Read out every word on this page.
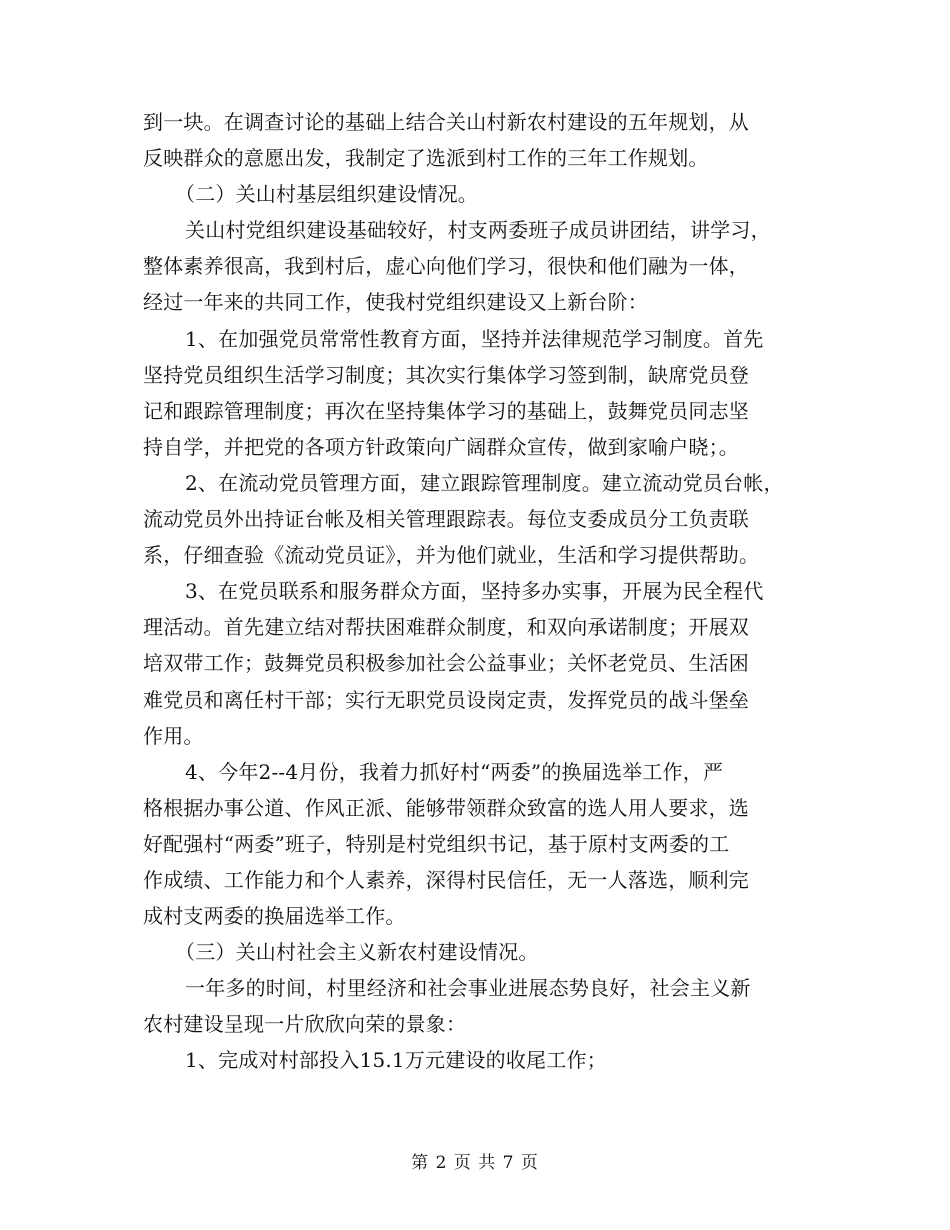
到一块。在调查讨论的基础上结合关山村新农村建设的五年规划，从
反映群众的意愿出发，我制定了选派到村工作的三年工作规划。
（二）关山村基层组织建设情况。
关山村党组织建设基础较好，村支两委班子成员讲团结，讲学习，
整体素养很高，我到村后，虚心向他们学习，很快和他们融为一体，
经过一年来的共同工作，使我村党组织建设又上新台阶：
1、在加强党员常常性教育方面，坚持并法律规范学习制度。首先
坚持党员组织生活学习制度；其次实行集体学习签到制，缺席党员登
记和跟踪管理制度；再次在坚持集体学习的基础上，鼓舞党员同志坚
持自学，并把党的各项方针政策向广阔群众宣传，做到家喻户晓；。
2、在流动党员管理方面，建立跟踪管理制度。建立流动党员台帐，
流动党员外出持证台帐及相关管理跟踪表。每位支委成员分工负责联
系，仔细查验《流动党员证》，并为他们就业，生活和学习提供帮助。
3、在党员联系和服务群众方面，坚持多办实事，开展为民全程代
理活动。首先建立结对帮扶困难群众制度，和双向承诺制度；开展双
培双带工作；鼓舞党员积极参加社会公益事业；关怀老党员、生活困
难党员和离任村干部；实行无职党员设岗定责，发挥党员的战斗堡垒
作用。
4、今年2--4月份，我着力抓好村“两委”的换届选举工作，严
格根据办事公道、作风正派、能够带领群众致富的选人用人要求，选
好配强村“两委”班子，特别是村党组织书记，基于原村支两委的工
作成绩、工作能力和个人素养，深得村民信任，无一人落选，顺利完
成村支两委的换届选举工作。
（三）关山村社会主义新农村建设情况。
一年多的时间，村里经济和社会事业进展态势良好，社会主义新
农村建设呈现一片欣欣向荣的景象：
1、完成对村部投入15.1万元建设的收尾工作；
第 2 页 共 7 页
